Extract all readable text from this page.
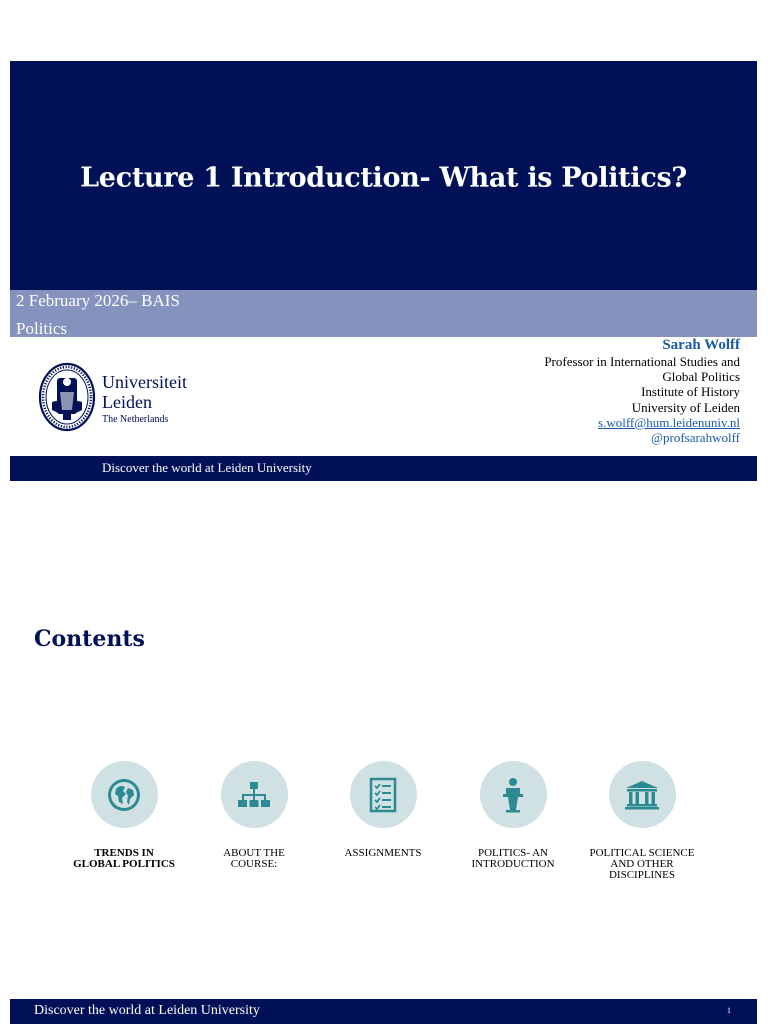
Lecture 1 Introduction- What is Politics?
2 February 2026– BAIS
Politics
Universiteit
Leiden
The Netherlands
Sarah Wolff
Professor in International Studies and
Global Politics
Institute of History
University of Leiden
s.wolff@hum.leidenuniv.nl
@profsarahwolff
Discover the world at Leiden University
Contents
TRENDS IN
GLOBAL POLITICS
ABOUT THE
COURSE:
ASSIGNMENTS	POLITICS- AN
INTRODUCTION
POLITICAL SCIENCE
AND OTHER
DISCIPLINES
Discover the world at Leiden University	1
